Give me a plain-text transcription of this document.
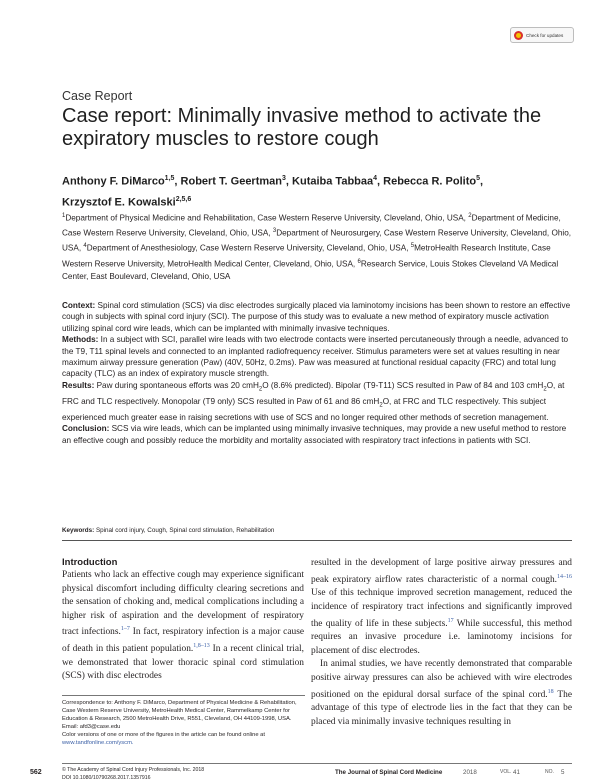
Check for updates
Case Report
Case report: Minimally invasive method to activate the expiratory muscles to restore cough
Anthony F. DiMarco$^{1,5}$, Robert T. Geertman$^3$, Kutaiba Tabbaa$^4$, Rebecca R. Polito$^5$,
Krzysztof E. Kowalski$^{2,5,6}$
$^1$Department of Physical Medicine and Rehabilitation, Case Western Reserve University, Cleveland, Ohio, USA, $^2$Department of Medicine, Case Western Reserve University, Cleveland, Ohio, USA, $^3$Department of Neurosurgery, Case Western Reserve University, Cleveland, Ohio, USA, $^4$Department of Anesthesiology, Case Western Reserve University, Cleveland, Ohio, USA, $^5$MetroHealth Research Institute, Case Western Reserve University, MetroHealth Medical Center, Cleveland, Ohio, USA, $^6$Research Service, Louis Stokes Cleveland VA Medical Center, East Boulevard, Cleveland, Ohio, USA

Context: Spinal cord stimulation (SCS) via disc electrodes surgically placed via laminotomy incisions has been shown to restore an effective cough in subjects with spinal cord injury (SCI). The purpose of this study was to evaluate a new method of expiratory muscle activation utilizing spinal cord wire leads, which can be implanted with minimally invasive techniques.

Methods: In a subject with SCI, parallel wire leads with two electrode contacts were inserted percutaneously through a needle, advanced to the T9, T11 spinal levels and connected to an implanted radiofrequency receiver. Stimulus parameters were set at values resulting in near maximum airway pressure generation (Paw) (40V, 50Hz, 0.2ms). Paw was measured at functional residual capacity (FRC) and total lung capacity (TLC) as an index of expiratory muscle strength.

Results: Paw during spontaneous efforts was 20 cmH$_2$O (8.6% predicted). Bipolar (T9-T11) SCS resulted in Paw of 84 and 103 cmH$_2$O, at FRC and TLC respectively. Monopolar (T9 only) SCS resulted in Paw of 61 and 86 cmH$_2$O, at FRC and TLC respectively. This subject experienced much greater ease in raising secretions with use of SCS and no longer required other methods of secretion management.

Conclusion: SCS via wire leads, which can be implanted using minimally invasive techniques, may provide a new useful method to restore an effective cough and possibly reduce the morbidity and mortality associated with respiratory tract infections in patients with SCI.

Keywords: Spinal cord injury, Cough, Spinal cord stimulation, Rehabilitation
Introduction

Patients who lack an effective cough may experience significant physical discomfort including difficulty clearing secretions and the sensation of choking and, medical complications including a higher risk of aspiration and the development of respiratory tract infections.$^{1-7}$ In fact, respiratory infection is a major cause of death in this patient population.$^{1,8-13}$ In a recent clinical trial, we demonstrated that lower thoracic spinal cord stimulation (SCS) with disc electrodes

resulted in the development of large positive airway pressures and peak expiratory airflow rates characteristic of a normal cough.$^{14-16}$ Use of this technique improved secretion management, reduced the incidence of respiratory tract infections and significantly improved the quality of life in these subjects.$^{17}$ While successful, this method requires an invasive procedure i.e. laminotomy incisions for placement of disc electrodes.

In animal studies, we have recently demonstrated that comparable positive airway pressures can also be achieved with wire electrodes positioned on the epidural dorsal surface of the spinal cord.$^{18}$ The advantage of this type of electrode lies in the fact that they can be placed via minimally invasive techniques resulting in

Correspondence to: Anthony F. DiMarco, Department of Physical Medicine & Rehabilitation, Case Western Reserve University, MetroHealth Medical Center, Rammelkamp Center for Education & Research, 2500 MetroHealth Drive, R551, Cleveland, OH 44109-1998, USA. Email: afd3@case.edu
Color versions of one or more of the figures in the article can be found online at www.tandfonline.com/yscm.
562	© The Academy of Spinal Cord Injury Professionals, Inc. 2018
DOI 10.1080/10790268.2017.1357916
The Journal of Spinal Cord Medicine	2018	VOL. 41	NO. 5
